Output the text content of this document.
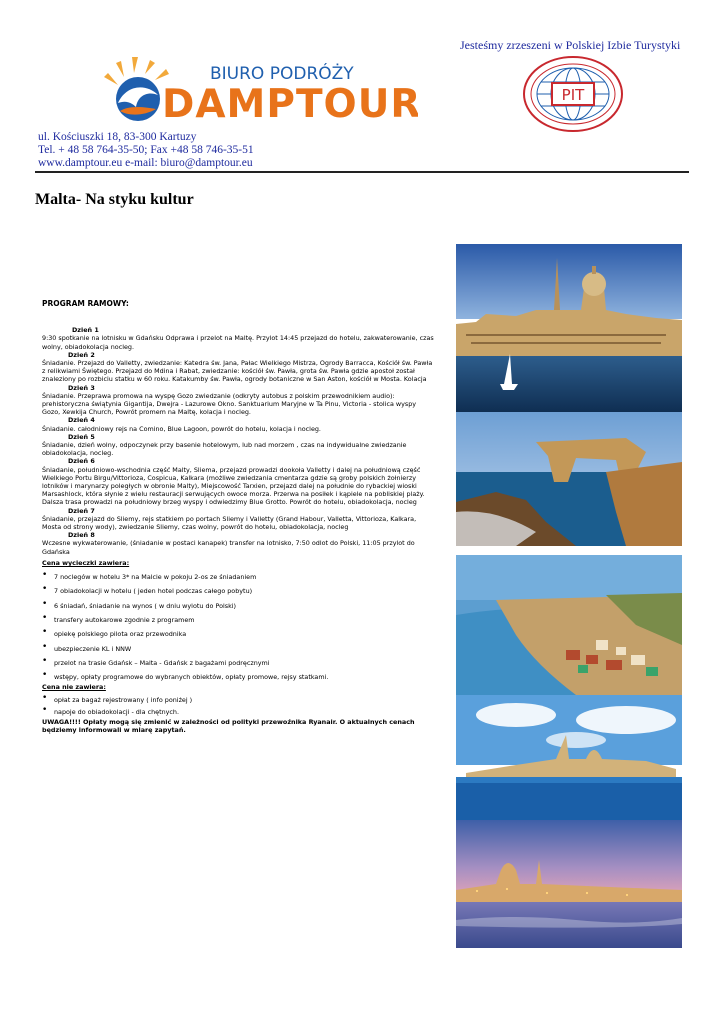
Jesteśmy zrzeszeni w Polskiej Izbie Turystyki
BIURO PODRÓŻY
DAMPTOUR	PIT
ul. Kościuszki 18, 83-300 Kartuzy
Tel. + 48 58 764-35-50; Fax +48 58 746-35-51
www.damptour.eu e-mail: biuro@damptour.eu
Malta- Na styku kultur
PROGRAM RAMOWY:
Dzień 1
9:30 spotkanie na lotnisku w Gdańsku Odprawa i przelot na Maltę. Przylot 14:45 przejazd do hotelu, zakwaterowanie, czas wolny, obiadokolacja nocleg.
Dzień 2
Śniadanie. Przejazd do Valletty, zwiedzanie: Katedra św. Jana, Pałac Wielkiego Mistrza, Ogrody Barracca, Kościół św. Pawła z relikwiami Świętego. Przejazd do Mdina i Rabat, zwiedzanie: kościół św. Pawła, grota św. Pawła gdzie apostoł został znaleziony po rozbiciu statku w 60 roku. Katakumby św. Pawła, ogrody botaniczne w San Aston, kościół w Mosta. Kolacja
Dzień 3
Śniadanie. Przeprawa promowa na wyspę Gozo zwiedzanie (odkryty autobus z polskim przewodnikiem audio): prehistoryczna świątynia Gigantija, Dwejra - Lazurowe Okno. Sanktuarium Maryjne w Ta Pinu, Victoria - stolica wyspy Gozo, Xewkija Church, Powrót promem na Maltę, kolacja i nocleg.
Dzień 4
Śniadanie. całodniowy rejs na Comino, Blue Lagoon, powrót do hotelu, kolacja i nocleg.
Dzień 5
Śniadanie, dzień wolny, odpoczynek przy basenie hotelowym, lub nad morzem , czas na indywidualne zwiedzanie obiadokolacja, nocleg.
Dzień 6
Śniadanie, południowo-wschodnia część Malty, Sliema, przejazd prowadzi dookoła Valletty i dalej na południową część Wielkiego Portu Birgu/Vittorioza, Cospicua, Kalkara (możliwe zwiedzania cmentarza gdzie są groby polskich żołnierzy lotników i marynarzy poległych w obronie Malty), Miejscowość Tarxien, przejazd dalej na południe do rybackiej wioski Marsashlock, która słynie z wielu restauracji serwujących owoce morza. Przerwa na posiłek i kąpiele na pobliskiej plaży. Dalsza trasa prowadzi na południowy brzeg wyspy i odwiedzimy Blue Grotto. Powrót do hotelu, obiadokolacja, nocleg
Dzień 7
Śniadanie, przejazd do Sliemy, rejs statkiem po portach Sliemy i Valletty (Grand Habour, Valletta, Vittorioza, Kalkara, Mosta od strony wody), zwiedzanie Sliemy, czas wolny, powrót do hotelu, obiadokolacja, nocleg
Dzień 8
Wczesne wykwaterowanie, (śniadanie w postaci kanapek) transfer na lotnisko, 7:50 odlot do Polski, 11:05 przylot do Gdańska
Cena wycieczki zawiera:
• 7 noclegów w hotelu 3* na Malcie w pokoju 2-os ze śniadaniem
• 7 obiadokolacji w hotelu ( jeden hotel podczas całego pobytu)
• 6 śniadań, śniadanie na wynos ( w dniu wylotu do Polski)
• transfery autokarowe zgodnie z programem
• opiekę polskiego pilota oraz przewodnika
• ubezpieczenie KL i NNW
• przelot na trasie Gdańsk – Malta - Gdańsk z bagażami podręcznymi
• wstępy, opłaty programowe do wybranych obiektów, opłaty promowe, rejsy statkami.
Cena nie zawiera:
• opłat za bagaż rejestrowany ( info poniżej )
• napoje do obiadokolacji - dla chętnych.
UWAGA!!!! Opłaty mogą się zmienić w zależności od polityki przewoźnika Ryanair. O aktualnych cenach będziemy informowali w miarę zapytań.
